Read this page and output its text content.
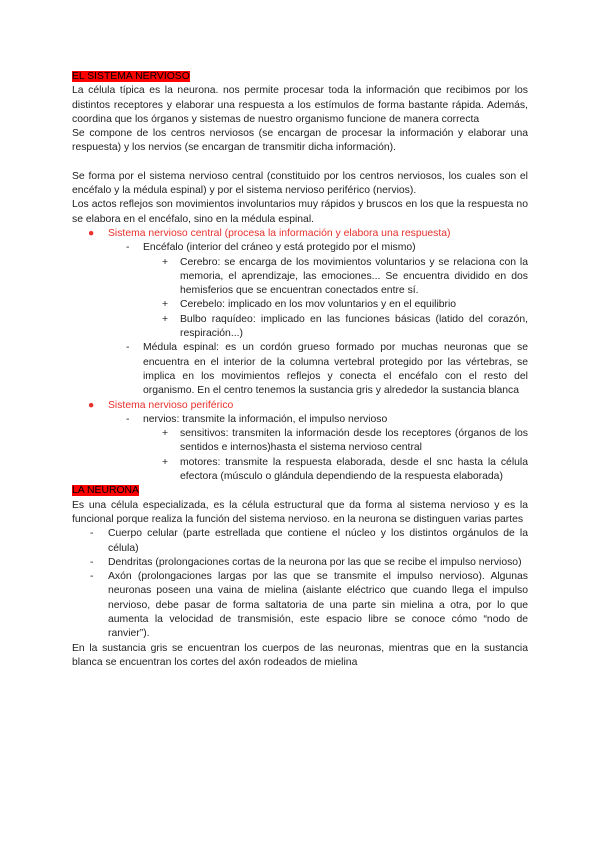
EL SISTEMA NERVIOSO

La célula típica es la neurona. nos permite procesar toda la información que recibimos por los distintos receptores y elaborar una respuesta a los estímulos de forma bastante rápida. Además, coordina que los órganos y sistemas de nuestro organismo funcione de manera correcta

Se compone de los centros nerviosos (se encargan de procesar la información y elaborar una respuesta) y los nervios (se encargan de transmitir dicha información).

Se forma por el sistema nervioso central (constituido por los centros nerviosos, los cuales son el encéfalo y la médula espinal) y por el sistema nervioso periférico (nervios).

Los actos reflejos son movimientos involuntarios muy rápidos y bruscos en los que la respuesta no se elabora en el encéfalo, sino en la médula espinal.

● Sistema nervioso central (procesa la información y elabora una respuesta)
- Encéfalo (interior del cráneo y está protegido por el mismo)
+ Cerebro: se encarga de los movimientos voluntarios y se relaciona con la memoria, el aprendizaje, las emociones... Se encuentra dividido en dos hemisferios que se encuentran conectados entre sí.
+ Cerebelo: implicado en los mov voluntarios y en el equilibrio
+ Bulbo raquídeo: implicado en las funciones básicas (latido del corazón, respiración...)
- Médula espinal: es un cordón grueso formado por muchas neuronas que se encuentra en el interior de la columna vertebral protegido por las vértebras, se implica en los movimientos reflejos y conecta el encéfalo con el resto del organismo. En el centro tenemos la sustancia gris y alrededor la sustancia blanca
● Sistema nervioso periférico
- nervios: transmite la información, el impulso nervioso
+ sensitivos: transmiten la información desde los receptores (órganos de los sentidos e internos)hasta el sistema nervioso central
+ motores: transmite la respuesta elaborada, desde el snc hasta la célula efectora (músculo o glándula dependiendo de la respuesta elaborada)
LA NEURONA

Es una célula especializada, es la célula estructural que da forma al sistema nervioso y es la funcional porque realiza la función del sistema nervioso. en la neurona se distinguen varias partes

- Cuerpo celular (parte estrellada que contiene el núcleo y los distintos orgánulos de la célula)
- Dendritas (prolongaciones cortas de la neurona por las que se recibe el impulso nervioso)
- Axón (prolongaciones largas por las que se transmite el impulso nervioso). Algunas neuronas poseen una vaina de mielina (aislante eléctrico que cuando llega el impulso nervioso, debe pasar de forma saltatoria de una parte sin mielina a otra, por lo que aumenta la velocidad de transmisión, este espacio libre se conoce cómo “nodo de ranvier”).

En la sustancia gris se encuentran los cuerpos de las neuronas, mientras que en la sustancia blanca se encuentran los cortes del axón rodeados de mielina
